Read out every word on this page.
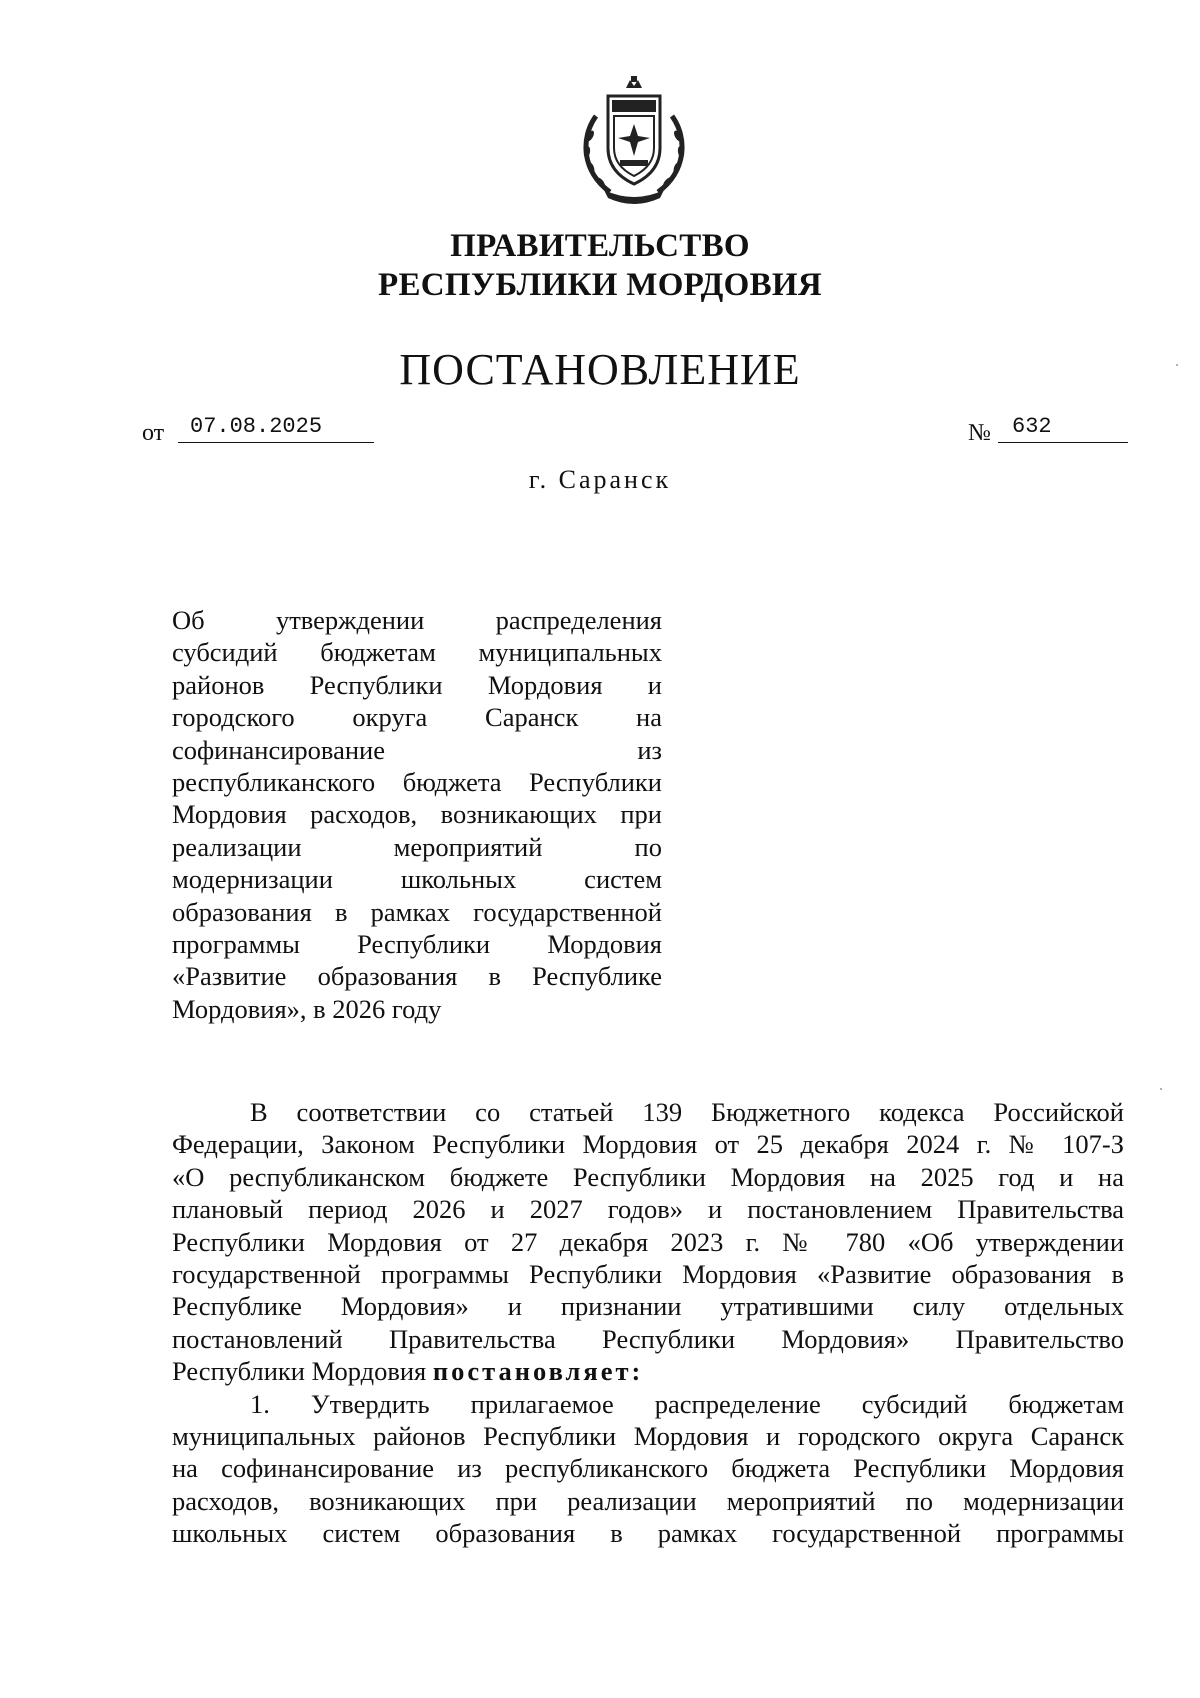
ПРАВИТЕЛЬСТВО
РЕСПУБЛИКИ МОРДОВИЯ
ПОСТАНОВЛЕНИЕ
от	07.08.2025	№ 632
г. Саранск
Об утверждении распределения
субсидий бюджетам муниципальных
районов Республики Мордовия и
городского округа Саранск на
софинансирование из
республиканского бюджета Республики
Мордовия расходов, возникающих при
реализации мероприятий по
модернизации школьных систем
образования в рамках государственной
программы Республики Мордовия
«Развитие образования в Республике
Мордовия», в 2026 году
В соответствии со статьей 139 Бюджетного кодекса Российской
Федерации, Законом Республики Мордовия от 25 декабря 2024 г. № 107-З
«О республиканском бюджете Республики Мордовия на 2025 год и на
плановый период 2026 и 2027 годов» и постановлением Правительства
Республики Мордовия от 27 декабря 2023 г. № 780 «Об утверждении
государственной программы Республики Мордовия «Развитие образования в
Республике Мордовия» и признании утратившими силу отдельных
постановлений Правительства Республики Мордовия» Правительство
Республики Мордовия постановляет:
1. Утвердить прилагаемое распределение субсидий бюджетам
муниципальных районов Республики Мордовия и городского округа Саранск
на софинансирование из республиканского бюджета Республики Мордовия
расходов, возникающих при реализации мероприятий по модернизации
школьных систем образования в рамках государственной программы
